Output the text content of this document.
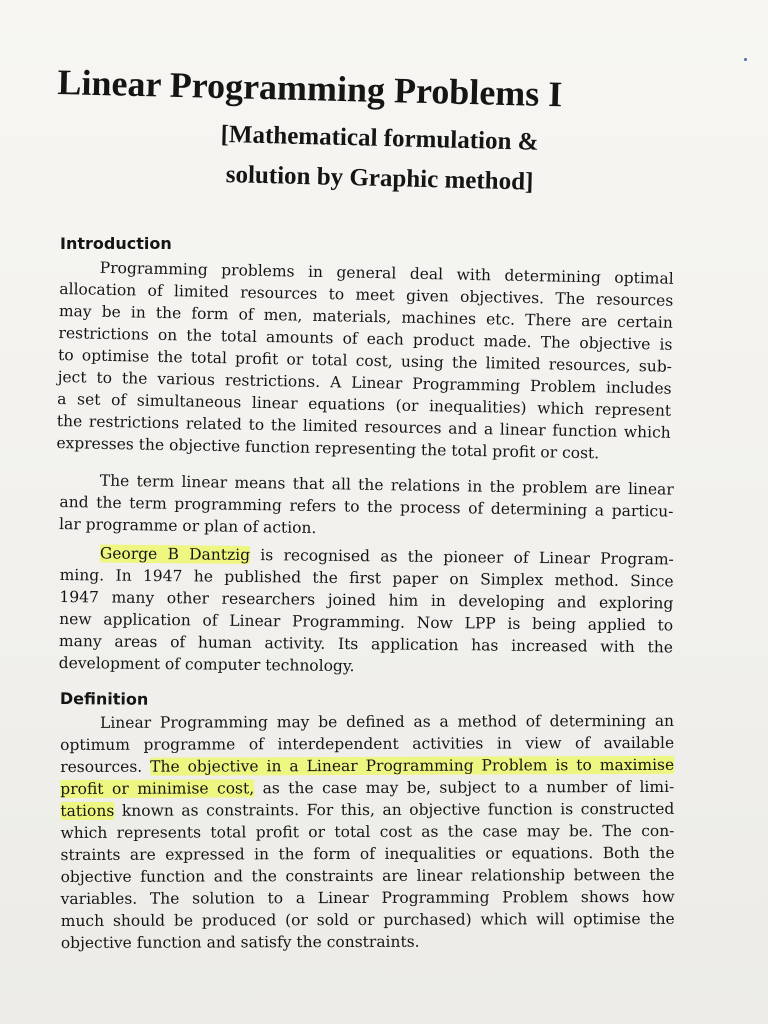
Linear Programming Problems I
[Mathematical formulation &
solution by Graphic method]
Introduction
Programming problems in general deal with determining optimal
allocation of limited resources to meet given objectives. The resources
may be in the form of men, materials, machines etc. There are certain
restrictions on the total amounts of each product made. The objective is
to optimise the total profit or total cost, using the limited resources, sub-
ject to the various restrictions. A Linear Programming Problem includes
a set of simultaneous linear equations (or inequalities) which represent
the restrictions related to the limited resources and a linear function which
expresses the objective function representing the total profit or cost.
The term linear means that all the relations in the problem are linear
and the term programming refers to the process of determining a particu-
lar programme or plan of action.
George B Dantzig is recognised as the pioneer of Linear Program-
ming. In 1947 he published the first paper on Simplex method. Since
1947 many other researchers joined him in developing and exploring
new application of Linear Programming. Now LPP is being applied to
many areas of human activity. Its application has increased with the
development of computer technology.
Definition
Linear Programming may be defined as a method of determining an
optimum programme of interdependent activities in view of available
resources. The objective in a Linear Programming Problem is to maximise
profit or minimise cost, as the case may be, subject to a number of limi-
tations known as constraints. For this, an objective function is constructed
which represents total profit or total cost as the case may be. The con-
straints are expressed in the form of inequalities or equations. Both the
objective function and the constraints are linear relationship between the
variables. The solution to a Linear Programming Problem shows how
much should be produced (or sold or purchased) which will optimise the
objective function and satisfy the constraints.
